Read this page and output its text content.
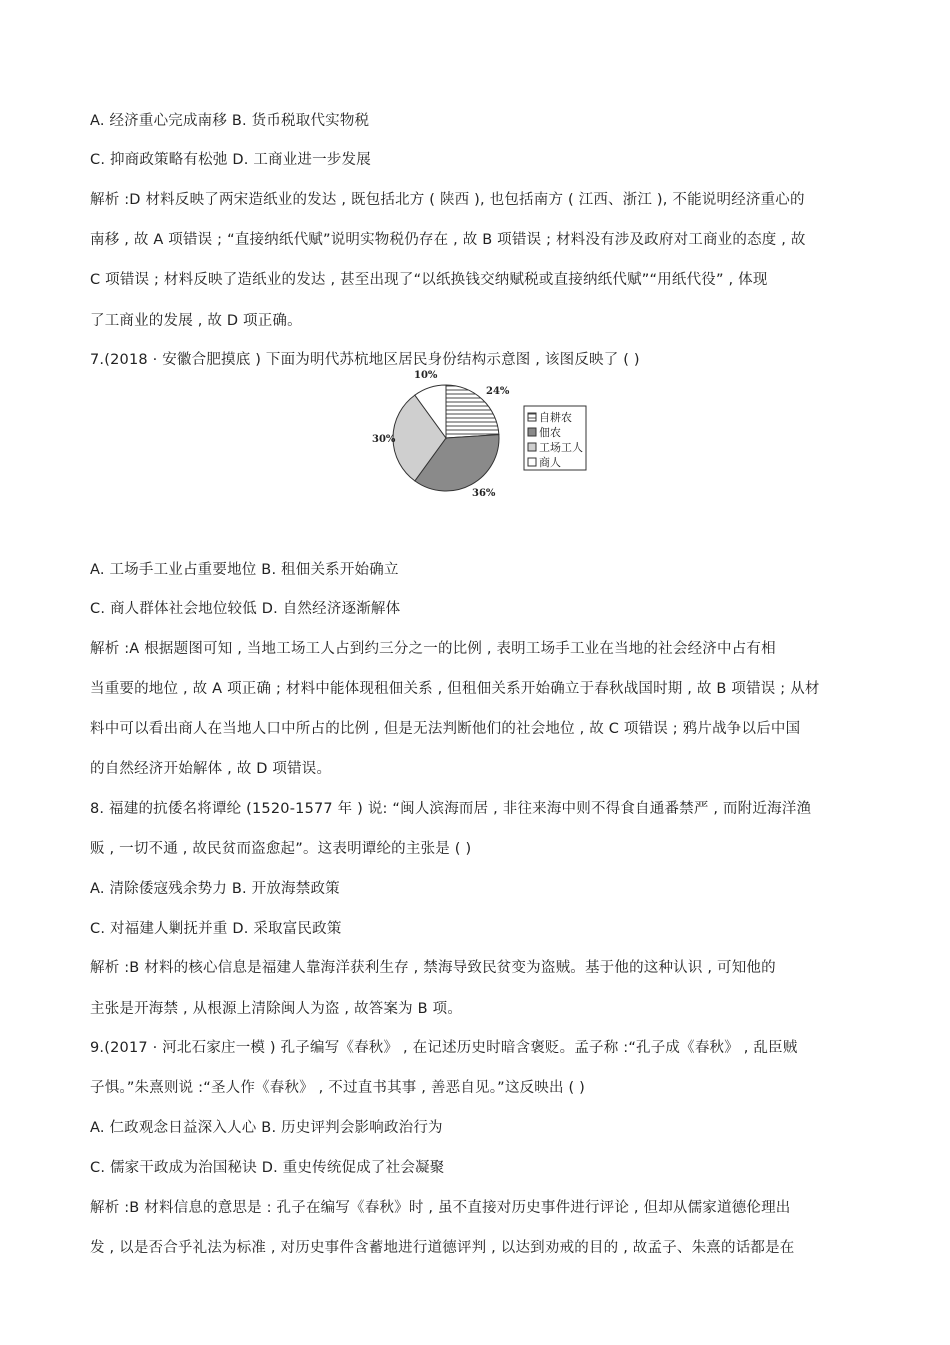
A. 经济重心完成南移 B. 货币税取代实物税
C. 抑商政策略有松弛 D. 工商业进一步发展
解析 :D 材料反映了两宋造纸业的发达 , 既包括北方 ( 陕西 ), 也包括南方 ( 江西、浙江 ), 不能说明经济重心的
南移 , 故 A 项错误 ; “直接纳纸代赋”说明实物税仍存在 , 故 B 项错误 ; 材料没有涉及政府对工商业的态度 , 故
C 项错误 ; 材料反映了造纸业的发达 , 甚至出现了“以纸换钱交纳赋税或直接纳纸代赋”“用纸代役” , 体现
了工商业的发展 , 故 D 项正确。
7.(2018 · 安徽合肥摸底 ) 下面为明代苏杭地区居民身份结构示意图 , 该图反映了 ( )
24%
36%
30%
10%
自耕农
佃农
工场工人
商人
A. 工场手工业占重要地位 B. 租佃关系开始确立
C. 商人群体社会地位较低 D. 自然经济逐渐解体
解析 :A 根据题图可知 , 当地工场工人占到约三分之一的比例 , 表明工场手工业在当地的社会经济中占有相
当重要的地位 , 故 A 项正确 ; 材料中能体现租佃关系 , 但租佃关系开始确立于春秋战国时期 , 故 B 项错误 ; 从材
料中可以看出商人在当地人口中所占的比例 , 但是无法判断他们的社会地位 , 故 C 项错误 ; 鸦片战争以后中国
的自然经济开始解体 , 故 D 项错误。
8. 福建的抗倭名将谭纶 (1520-1577 年 ) 说: “闽人滨海而居 , 非往来海中则不得食自通番禁严 , 而附近海洋渔
贩 , 一切不通 , 故民贫而盗愈起”。这表明谭纶的主张是 ( )
A. 清除倭寇残余势力 B. 开放海禁政策
C. 对福建人剿抚并重 D. 采取富民政策
解析 :B 材料的核心信息是福建人靠海洋获利生存 , 禁海导致民贫变为盗贼。基于他的这种认识 , 可知他的
主张是开海禁 , 从根源上清除闽人为盗 , 故答案为 B 项。
9.(2017 · 河北石家庄一模 ) 孔子编写《春秋》 , 在记述历史时暗含褒贬。孟子称 :“孔子成《春秋》 , 乱臣贼
子惧。”朱熹则说 :“圣人作《春秋》 , 不过直书其事 , 善恶自见。”这反映出 ( )
A. 仁政观念日益深入人心 B. 历史评判会影响政治行为
C. 儒家干政成为治国秘诀 D. 重史传统促成了社会凝聚
解析 :B 材料信息的意思是 : 孔子在编写《春秋》时 , 虽不直接对历史事件进行评论 , 但却从儒家道德伦理出
发 , 以是否合乎礼法为标准 , 对历史事件含蓄地进行道德评判 , 以达到劝戒的目的 , 故孟子、朱熹的话都是在
